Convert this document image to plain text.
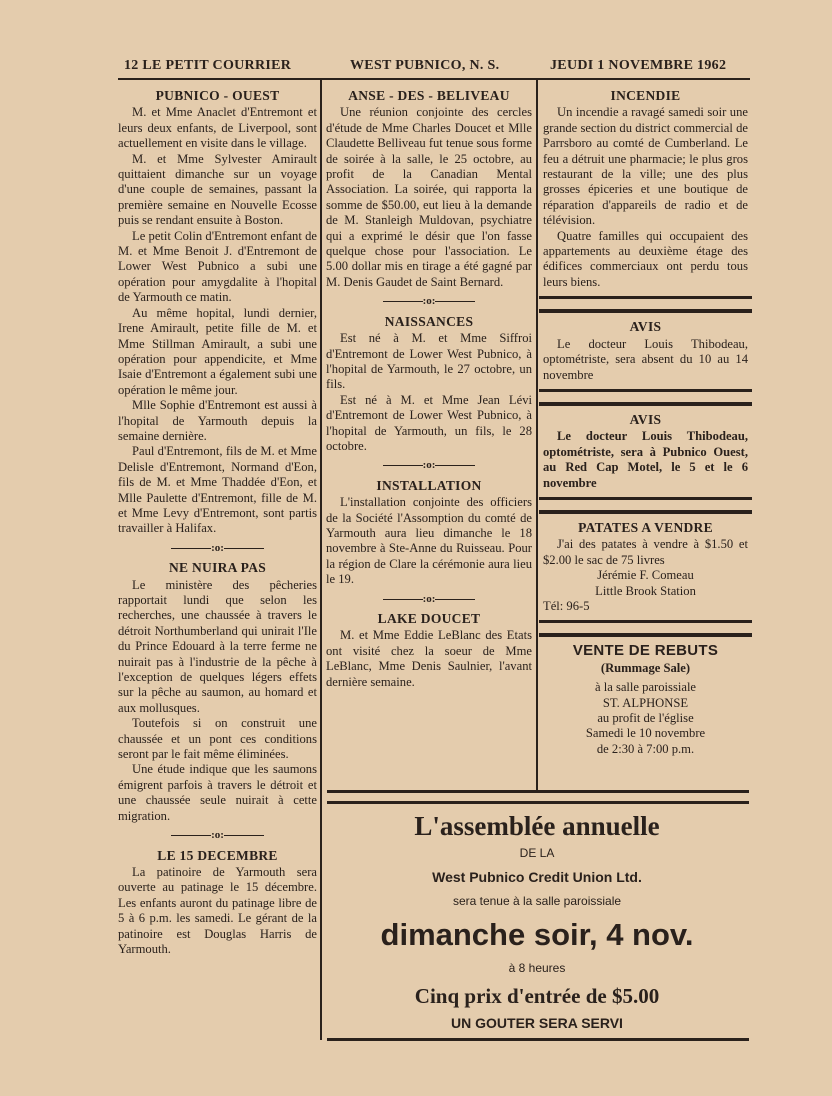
12 LE PETIT COURRIER	WEST PUBNICO, N. S.	JEUDI 1 NOVEMBRE 1962
PUBNICO - OUEST

M. et Mme Anaclet d'Entremont et leurs deux enfants, de Liverpool, sont actuellement en visite dans le village.

M. et Mme Sylvester Amirault quittaient dimanche sur un voyage d'une couple de semaines, passant la première semaine en Nouvelle Ecosse puis se rendant ensuite à Boston.

Le petit Colin d'Entremont enfant de M. et Mme Benoit J. d'Entremont de Lower West Pubnico a subi une opération pour amygdalite à l'hopital de Yarmouth ce matin.

Au même hopital, lundi dernier, Irene Amirault, petite fille de M. et Mme Stillman Amirault, a subi une opération pour appendicite, et Mme Isaie d'Entremont a également subi une opération le même jour.

Mlle Sophie d'Entremont est aussi à l'hopital de Yarmouth depuis la semaine dernière.

Paul d'Entremont, fils de M. et Mme Delisle d'Entremont, Normand d'Eon, fils de M. et Mme Thaddée d'Eon, et Mlle Paulette d'Entremont, fille de M. et Mme Levy d'Entremont, sont partis travailler à Halifax.

:o:
NE NUIRA PAS

Le ministère des pêcheries rapportait lundi que selon les recherches, une chaussée à travers le détroit Northumberland qui unirait l'Ile du Prince Edouard à la terre ferme ne nuirait pas à l'industrie de la pêche à l'exception de quelques légers effets sur la pêche au saumon, au homard et aux mollusques.

Toutefois si on construit une chaussée et un pont ces conditions seront par le fait même éliminées.

Une étude indique que les saumons émigrent parfois à travers le détroit et une chaussée seule nuirait à cette migration.

:o:
LE 15 DECEMBRE

La patinoire de Yarmouth sera ouverte au patinage le 15 décembre. Les enfants auront du patinage libre de 5 à 6 p.m. les samedi. Le gérant de la patinoire est Douglas Harris de Yarmouth.

ANSE - DES - BELIVEAU

Une réunion conjointe des cercles d'étude de Mme Charles Doucet et Mlle Claudette Belliveau fut tenue sous forme de soirée à la salle, le 25 octobre, au profit de la Canadian Mental Association. La soirée, qui rapporta la somme de $50.00, eut lieu à la demande de M. Stanleigh Muldovan, psychiatre qui a exprimé le désir que l'on fasse quelque chose pour l'association. Le 5.00 dollar mis en tirage a été gagné par M. Denis Gaudet de Saint Bernard.

:o:
NAISSANCES

Est né à M. et Mme Siffroi d'Entremont de Lower West Pubnico, à l'hopital de Yarmouth, le 27 octobre, un fils.

Est né à M. et Mme Jean Lévi d'Entremont de Lower West Pubnico, à l'hopital de Yarmouth, un fils, le 28 octobre.

:o:
INSTALLATION

L'installation conjointe des officiers de la Société l'Assomption du comté de Yarmouth aura lieu dimanche le 18 novembre à Ste-Anne du Ruisseau. Pour la région de Clare la cérémonie aura lieu le 19.

:o:
LAKE DOUCET

M. et Mme Eddie LeBlanc des Etats ont visité chez la soeur de Mme LeBlanc, Mme Denis Saulnier, l'avant dernière semaine.

INCENDIE

Un incendie a ravagé samedi soir une grande section du district commercial de Parrsboro au comté de Cumberland. Le feu a détruit une pharmacie; le plus gros restaurant de la ville; une des plus grosses épiceries et une boutique de réparation d'appareils de radio et de télévision.

Quatre familles qui occupaient des appartements au deuxième étage des édifices commerciaux ont perdu tous leurs biens.

AVIS

Le docteur Louis Thibodeau, optométriste, sera absent du 10 au 14 novembre

AVIS

Le docteur Louis Thibodeau, optométriste, sera à Pubnico Ouest, au Red Cap Motel, le 5 et le 6 novembre

PATATES A VENDRE

J'ai des patates à vendre à $1.50 et $2.00 le sac de 75 livres

Jérémie F. Comeau

Little Brook Station

Tél: 96-5

VENTE DE REBUTS

(Rummage Sale)

à la salle paroissiale

ST. ALPHONSE

au profit de l'église

Samedi le 10 novembre

de 2:30 à 7:00 p.m.

L'assemblée annuelle
DE LA
West Pubnico Credit Union Ltd.
sera tenue à la salle paroissiale
dimanche soir, 4 nov.
à 8 heures
Cinq prix d'entrée de $5.00
UN GOUTER SERA SERVI
